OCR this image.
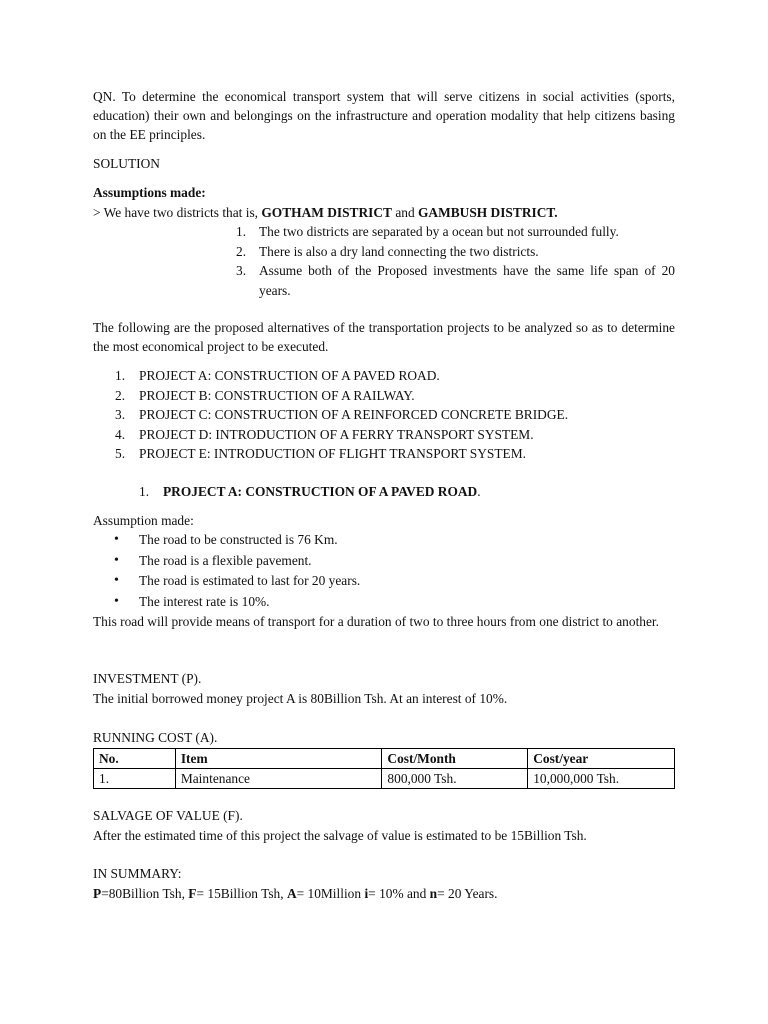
QN. To determine the economical transport system that will serve citizens in social activities (sports, education) their own and belongings on the infrastructure and operation modality that help citizens basing on the EE principles.

SOLUTION

Assumptions made:

> We have two districts that is, GOTHAM DISTRICT and GAMBUSH DISTRICT.

1. The two districts are separated by a ocean but not surrounded fully.
2. There is also a dry land connecting the two districts.
3. Assume both of the Proposed investments have the same life span of 20 years.

The following are the proposed alternatives of the transportation projects to be analyzed so as to determine the most economical project to be executed.

1. PROJECT A: CONSTRUCTION OF A PAVED ROAD.
2. PROJECT B: CONSTRUCTION OF A RAILWAY.
3. PROJECT C: CONSTRUCTION OF A REINFORCED CONCRETE BRIDGE.
4. PROJECT D: INTRODUCTION OF A FERRY TRANSPORT SYSTEM.
5. PROJECT E: INTRODUCTION OF FLIGHT TRANSPORT SYSTEM.

1. PROJECT A: CONSTRUCTION OF A PAVED ROAD.

Assumption made:

• The road to be constructed is 76 Km.
• The road is a flexible pavement.
• The road is estimated to last for 20 years.
• The interest rate is 10%.

This road will provide means of transport for a duration of two to three hours from one district to another.

INVESTMENT (P).

The initial borrowed money project A is 80Billion Tsh. At an interest of 10%.

RUNNING COST (A).

No.	Item	Cost/Month	Cost/year
1.	Maintenance	800,000 Tsh.	10,000,000 Tsh.

SALVAGE OF VALUE (F).

After the estimated time of this project the salvage of value is estimated to be 15Billion Tsh.

IN SUMMARY:

P=80Billion Tsh, F= 15Billion Tsh, A= 10Million i= 10% and n= 20 Years.
